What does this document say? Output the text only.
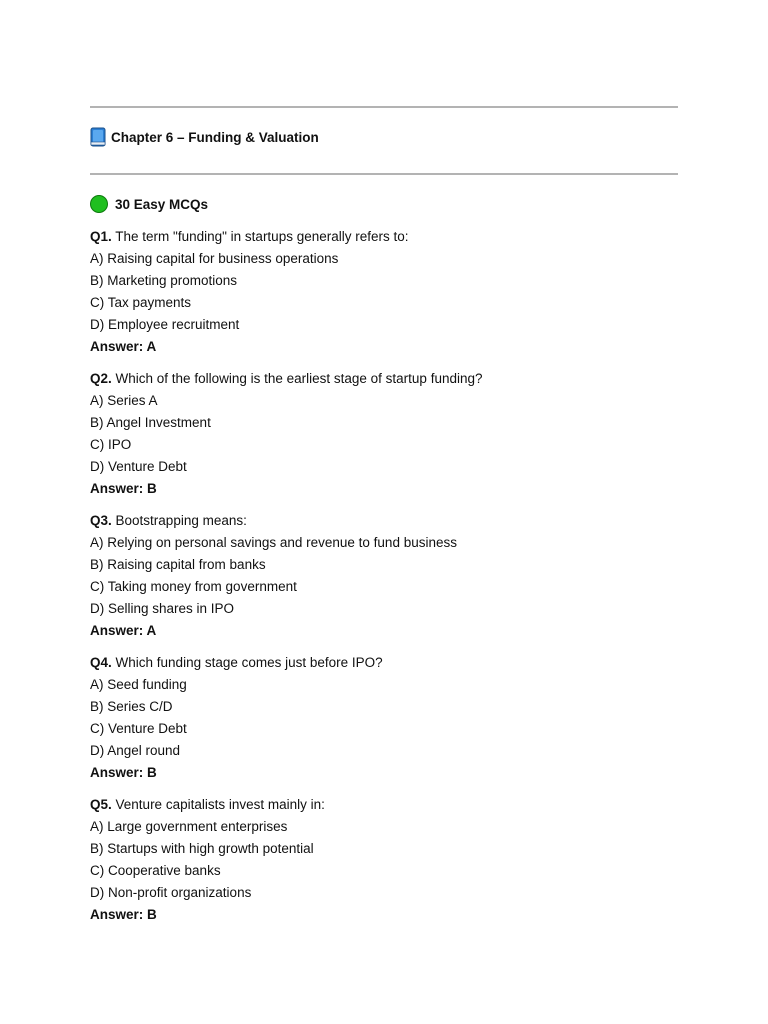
Chapter 6 – Funding & Valuation
30 Easy MCQs
Q1. The term "funding" in startups generally refers to:
A) Raising capital for business operations
B) Marketing promotions
C) Tax payments
D) Employee recruitment
Answer: A
Q2. Which of the following is the earliest stage of startup funding?
A) Series A
B) Angel Investment
C) IPO
D) Venture Debt
Answer: B
Q3. Bootstrapping means:
A) Relying on personal savings and revenue to fund business
B) Raising capital from banks
C) Taking money from government
D) Selling shares in IPO
Answer: A
Q4. Which funding stage comes just before IPO?
A) Seed funding
B) Series C/D
C) Venture Debt
D) Angel round
Answer: B
Q5. Venture capitalists invest mainly in:
A) Large government enterprises
B) Startups with high growth potential
C) Cooperative banks
D) Non-profit organizations
Answer: B
